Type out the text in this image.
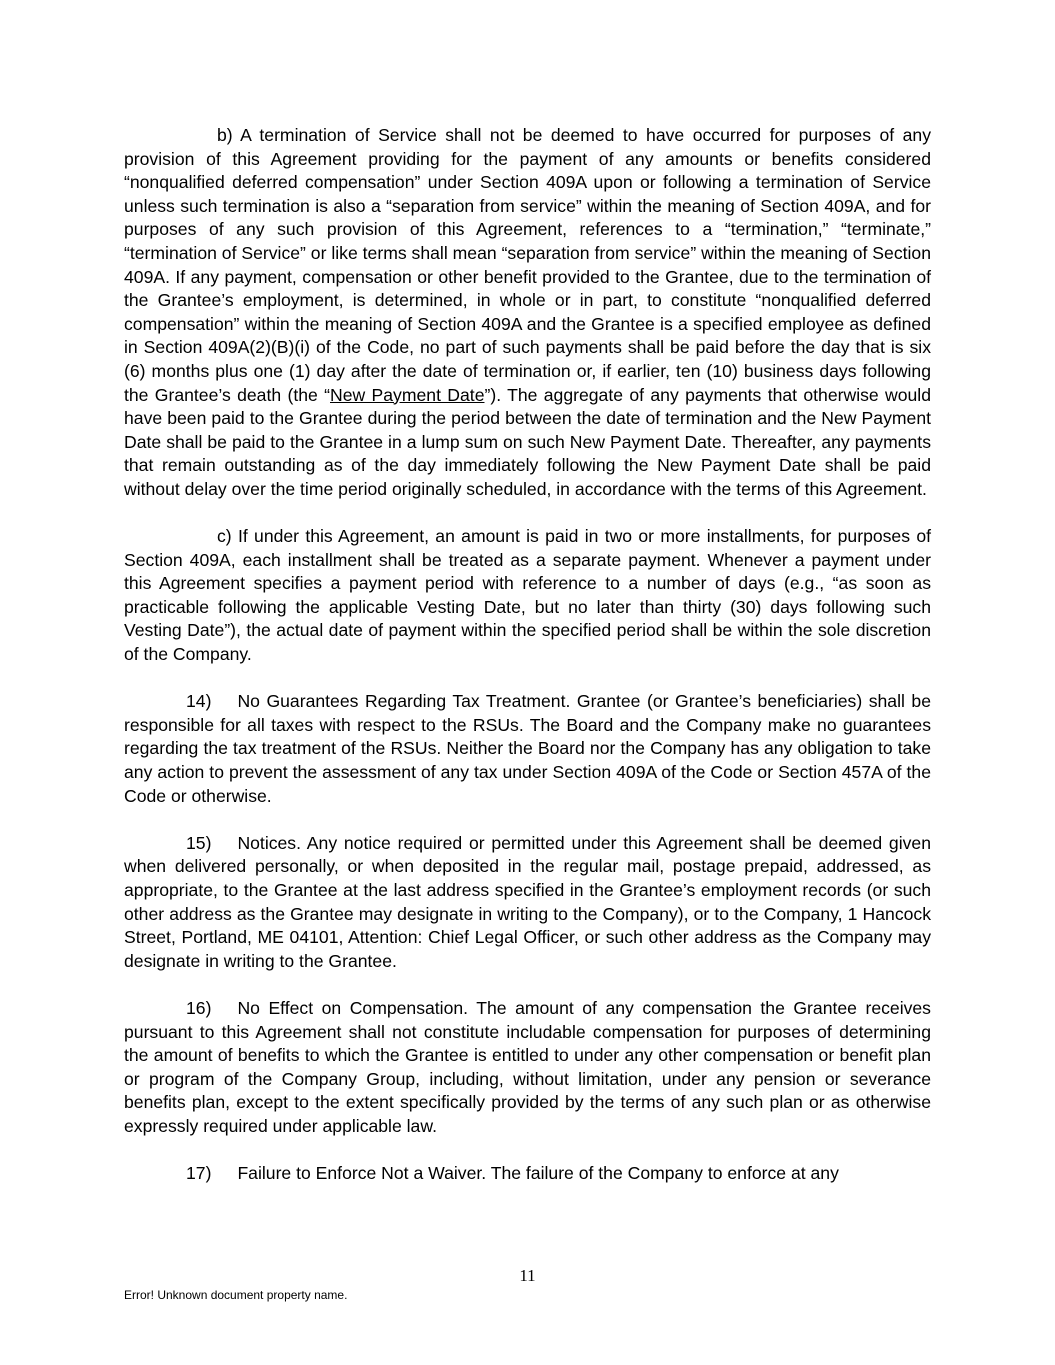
b) A termination of Service shall not be deemed to have occurred for purposes of any provision of this Agreement providing for the payment of any amounts or benefits considered “nonqualified deferred compensation” under Section 409A upon or following a termination of Service unless such termination is also a “separation from service” within the meaning of Section 409A, and for purposes of any such provision of this Agreement, references to a “termination,” “terminate,” “termination of Service” or like terms shall mean “separation from service” within the meaning of Section 409A. If any payment, compensation or other benefit provided to the Grantee, due to the termination of the Grantee’s employment, is determined, in whole or in part, to constitute “nonqualified deferred compensation” within the meaning of Section 409A and the Grantee is a specified employee as defined in Section 409A(2)(B)(i) of the Code, no part of such payments shall be paid before the day that is six (6) months plus one (1) day after the date of termination or, if earlier, ten (10) business days following the Grantee’s death (the “New Payment Date”). The aggregate of any payments that otherwise would have been paid to the Grantee during the period between the date of termination and the New Payment Date shall be paid to the Grantee in a lump sum on such New Payment Date. Thereafter, any payments that remain outstanding as of the day immediately following the New Payment Date shall be paid without delay over the time period originally scheduled, in accordance with the terms of this Agreement.

c) If under this Agreement, an amount is paid in two or more installments, for purposes of Section 409A, each installment shall be treated as a separate payment. Whenever a payment under this Agreement specifies a payment period with reference to a number of days (e.g., “as soon as practicable following the applicable Vesting Date, but no later than thirty (30) days following such Vesting Date”), the actual date of payment within the specified period shall be within the sole discretion of the Company.

14) No Guarantees Regarding Tax Treatment. Grantee (or Grantee’s beneficiaries) shall be responsible for all taxes with respect to the RSUs. The Board and the Company make no guarantees regarding the tax treatment of the RSUs. Neither the Board nor the Company has any obligation to take any action to prevent the assessment of any tax under Section 409A of the Code or Section 457A of the Code or otherwise.

15) Notices. Any notice required or permitted under this Agreement shall be deemed given when delivered personally, or when deposited in the regular mail, postage prepaid, addressed, as appropriate, to the Grantee at the last address specified in the Grantee’s employment records (or such other address as the Grantee may designate in writing to the Company), or to the Company, 1 Hancock Street, Portland, ME 04101, Attention: Chief Legal Officer, or such other address as the Company may designate in writing to the Grantee.

16) No Effect on Compensation. The amount of any compensation the Grantee receives pursuant to this Agreement shall not constitute includable compensation for purposes of determining the amount of benefits to which the Grantee is entitled to under any other compensation or benefit plan or program of the Company Group, including, without limitation, under any pension or severance benefits plan, except to the extent specifically provided by the terms of any such plan or as otherwise expressly required under applicable law.

17) Failure to Enforce Not a Waiver. The failure of the Company to enforce at any

11
Error! Unknown document property name.
